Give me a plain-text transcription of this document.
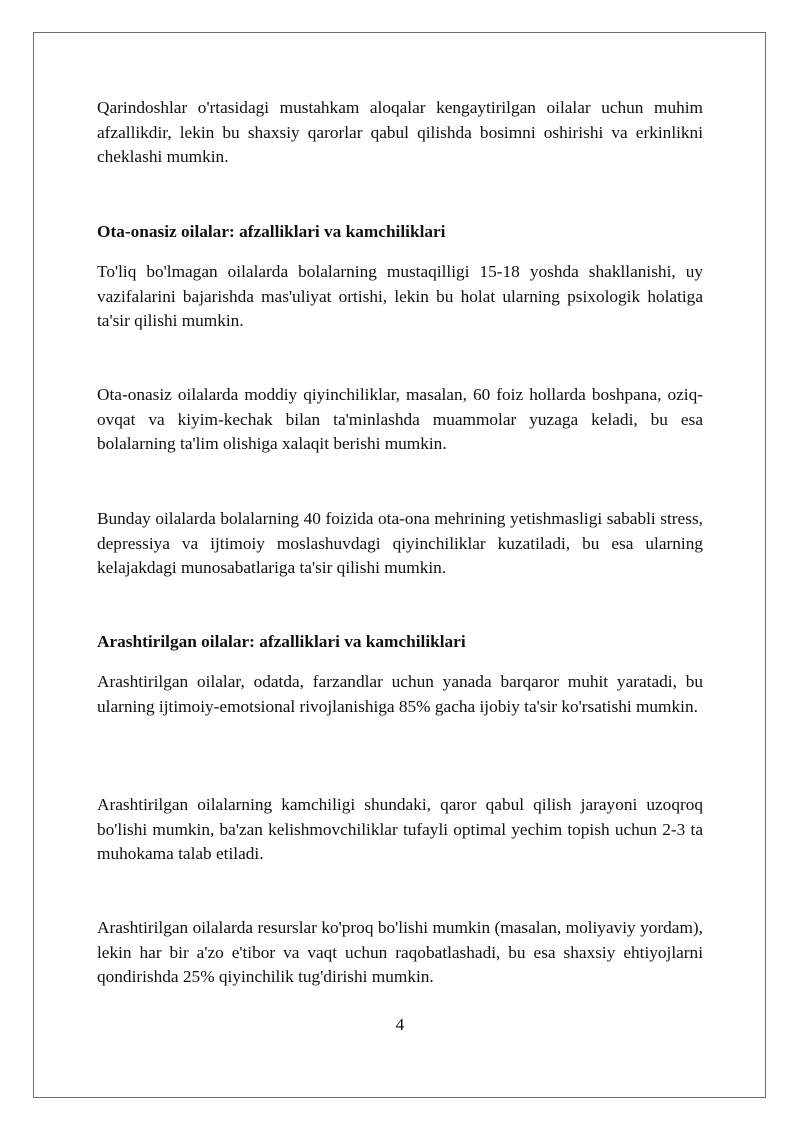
Qarindoshlar o'rtasidagi mustahkam aloqalar kengaytirilgan oilalar uchun muhim afzallikdir, lekin bu shaxsiy qarorlar qabul qilishda bosimni oshirishi va erkinlikni cheklashi mumkin.

Ota-onasiz oilalar: afzalliklari va kamchiliklari

To'liq bo'lmagan oilalarda bolalarning mustaqilligi 15-18 yoshda shakllanishi, uy vazifalarini bajarishda mas'uliyat ortishi, lekin bu holat ularning psixologik holatiga ta'sir qilishi mumkin.

Ota-onasiz oilalarda moddiy qiyinchiliklar, masalan, 60 foiz hollarda boshpana, oziq-ovqat va kiyim-kechak bilan ta'minlashda muammolar yuzaga keladi, bu esa bolalarning ta'lim olishiga xalaqit berishi mumkin.

Bunday oilalarda bolalarning 40 foizida ota-ona mehrining yetishmasligi sababli stress, depressiya va ijtimoiy moslashuvdagi qiyinchiliklar kuzatiladi, bu esa ularning kelajakdagi munosabatlariga ta'sir qilishi mumkin.

Arashtirilgan oilalar: afzalliklari va kamchiliklari

Arashtirilgan oilalar, odatda, farzandlar uchun yanada barqaror muhit yaratadi, bu ularning ijtimoiy-emotsional rivojlanishiga 85% gacha ijobiy ta'sir ko'rsatishi mumkin.

Arashtirilgan oilalarning kamchiligi shundaki, qaror qabul qilish jarayoni uzoqroq bo'lishi mumkin, ba'zan kelishmovchiliklar tufayli optimal yechim topish uchun 2-3 ta muhokama talab etiladi.

Arashtirilgan oilalarda resurslar ko'proq bo'lishi mumkin (masalan, moliyaviy yordam), lekin har bir a'zo e'tibor va vaqt uchun raqobatlashadi, bu esa shaxsiy ehtiyojlarni qondirishda 25% qiyinchilik tug'dirishi mumkin.

4
